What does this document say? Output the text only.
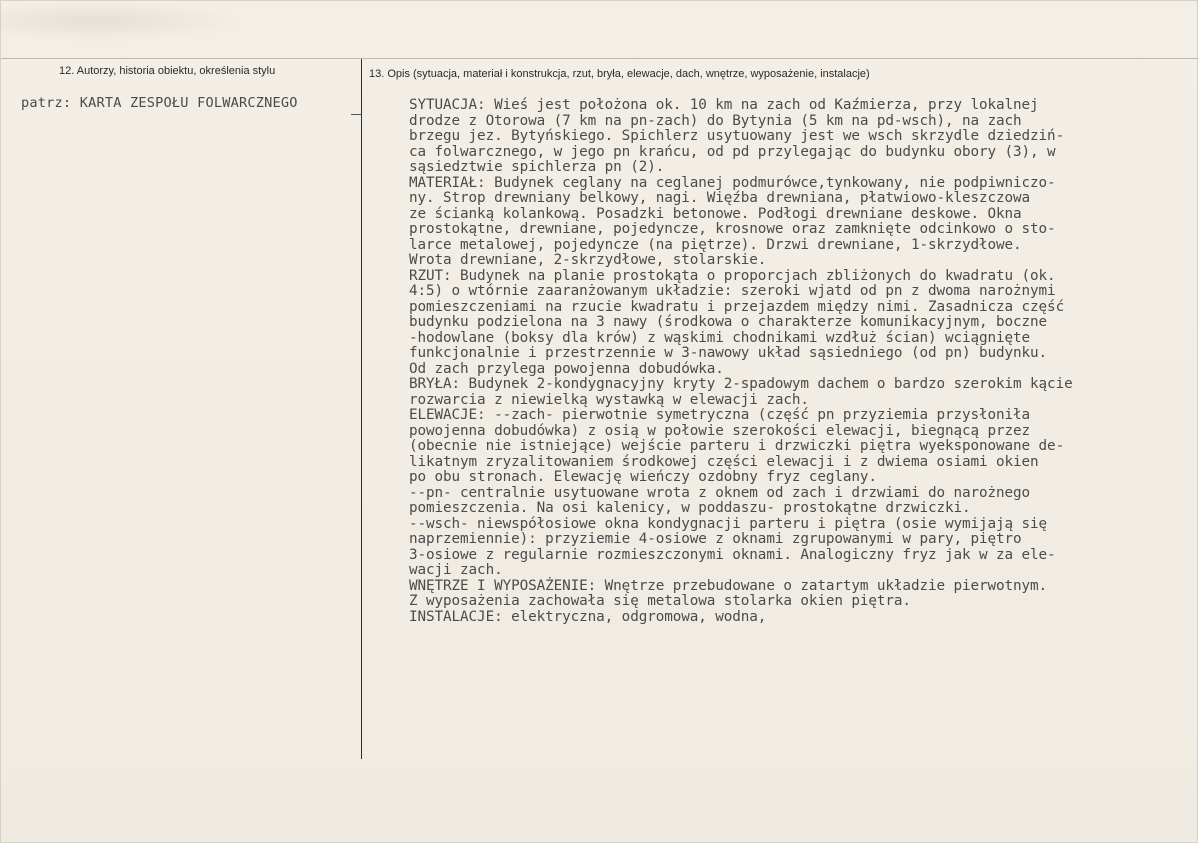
12. Autorzy, historia obiektu, określenia stylu	13. Opis (sytuacja, materiał i konstrukcja, rzut, bryła, elewacje, dach, wnętrze, wyposażenie, instalacje)
patrz: KARTA ZESPOŁU FOLWARCZNEGO	SYTUACJA: Wieś jest położona ok. 10 km na zach od Kaźmierza, przy lokalnej
drodze z Otorowa (7 km na pn-zach) do Bytynia (5 km na pd-wsch), na zach
brzegu jez. Bytyńskiego. Spichlerz usytuowany jest we wsch skrzydle dziedziń-
ca folwarcznego, w jego pn krańcu, od pd przylegając do budynku obory (3), w
sąsiedztwie spichlerza pn (2).
MATERIAŁ: Budynek ceglany na ceglanej podmurówce,tynkowany, nie podpiwniczo-
ny. Strop drewniany belkowy, nagi. Więźba drewniana, płatwiowo-kleszczowa
ze ścianką kolankową. Posadzki betonowe. Podłogi drewniane deskowe. Okna
prostokątne, drewniane, pojedyncze, krosnowe oraz zamknięte odcinkowo o sto-
larce metalowej, pojedyncze (na piętrze). Drzwi drewniane, 1-skrzydłowe.
Wrota drewniane, 2-skrzydłowe, stolarskie.
RZUT: Budynek na planie prostokąta o proporcjach zbliżonych do kwadratu (ok.
4:5) o wtórnie zaaranżowanym układzie: szeroki wjatd od pn z dwoma narożnymi
pomieszczeniami na rzucie kwadratu i przejazdem między nimi. Zasadnicza część
budynku podzielona na 3 nawy (środkowa o charakterze komunikacyjnym, boczne
-hodowlane (boksy dla krów) z wąskimi chodnikami wzdłuż ścian) wciągnięte
funkcjonalnie i przestrzennie w 3-nawowy układ sąsiedniego (od pn) budynku.
Od zach przylega powojenna dobudówka.
BRYŁA: Budynek 2-kondygnacyjny kryty 2-spadowym dachem o bardzo szerokim kącie
rozwarcia z niewielką wystawką w elewacji zach.
ELEWACJE: --zach- pierwotnie symetryczna (część pn przyziemia przysłoniła
powojenna dobudówka) z osią w połowie szerokości elewacji, biegnącą przez
(obecnie nie istniejące) wejście parteru i drzwiczki piętra wyeksponowane de-
likatnym zryzalitowaniem środkowej części elewacji i z dwiema osiami okien
po obu stronach. Elewację wieńczy ozdobny fryz ceglany.
--pn- centralnie usytuowane wrota z oknem od zach i drzwiami do narożnego
pomieszczenia. Na osi kalenicy, w poddaszu- prostokątne drzwiczki.
--wsch- niewspółosiowe okna kondygnacji parteru i piętra (osie wymijają się
naprzemiennie): przyziemie 4-osiowe z oknami zgrupowanymi w pary, piętro
3-osiowe z regularnie rozmieszczonymi oknami. Analogiczny fryz jak w za ele-
wacji zach.
WNĘTRZE I WYPOSAŻENIE: Wnętrze przebudowane o zatartym układzie pierwotnym.
Z wyposażenia zachowała się metalowa stolarka okien piętra.
INSTALACJE: elektryczna, odgromowa, wodna,
